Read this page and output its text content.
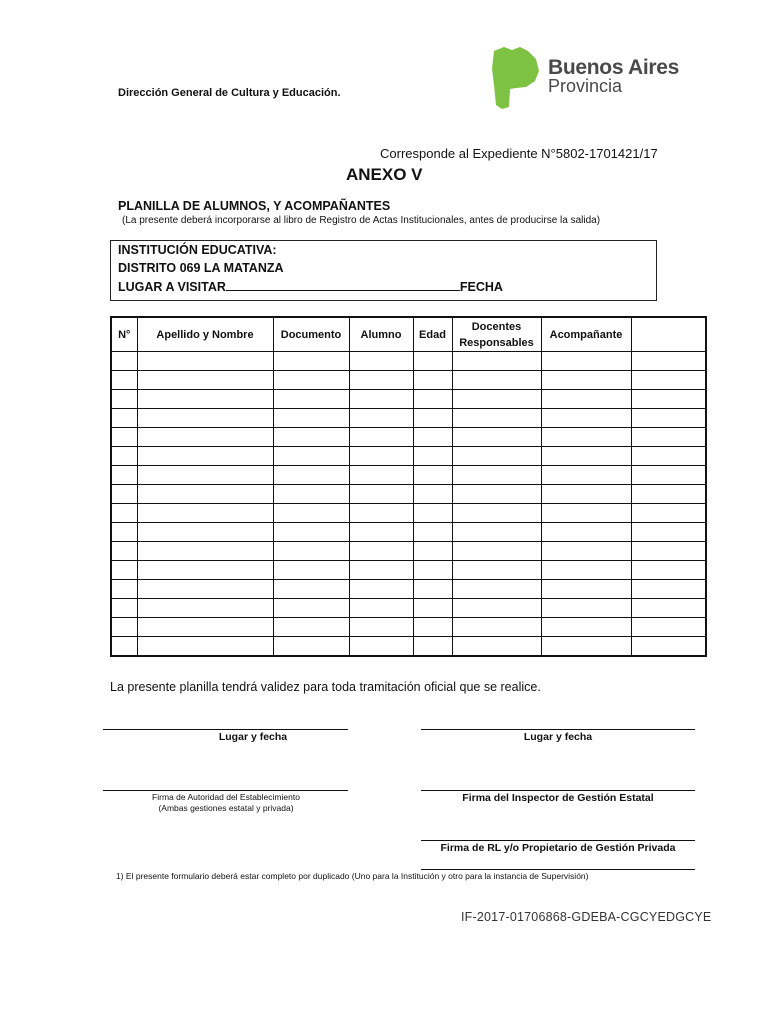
Buenos Aires
Provincia
Dirección General de Cultura y Educación.
Corresponde al Expediente N°5802-1701421/17
ANEXO V
PLANILLA DE ALUMNOS, Y ACOMPAÑANTES
(La presente deberá incorporarse al libro de Registro de Actas Institucionales, antes de producirse la salida)
INSTITUCIÓN EDUCATIVA:
DISTRITO 069 LA MATANZA
LUGAR A VISITAR	FECHA
N°	Apellido y Nombre	Documento	Alumno	Edad	Docentes Responsables	Acompañante	

La presente planilla tendrá validez para toda tramitación oficial que se realice.
Lugar y fecha	Lugar y fecha
Firma de Autoridad del Establecimiento
(Ambas gestiones estatal y privada)
Firma del Inspector de Gestión Estatal
Firma de RL y/o Propietario de Gestión Privada
1) El presente formulario deberá estar completo por duplicado (Uno para la Institución y otro para la instancia de Supervisión)
IF-2017-01706868-GDEBA-CGCYEDGCYE
